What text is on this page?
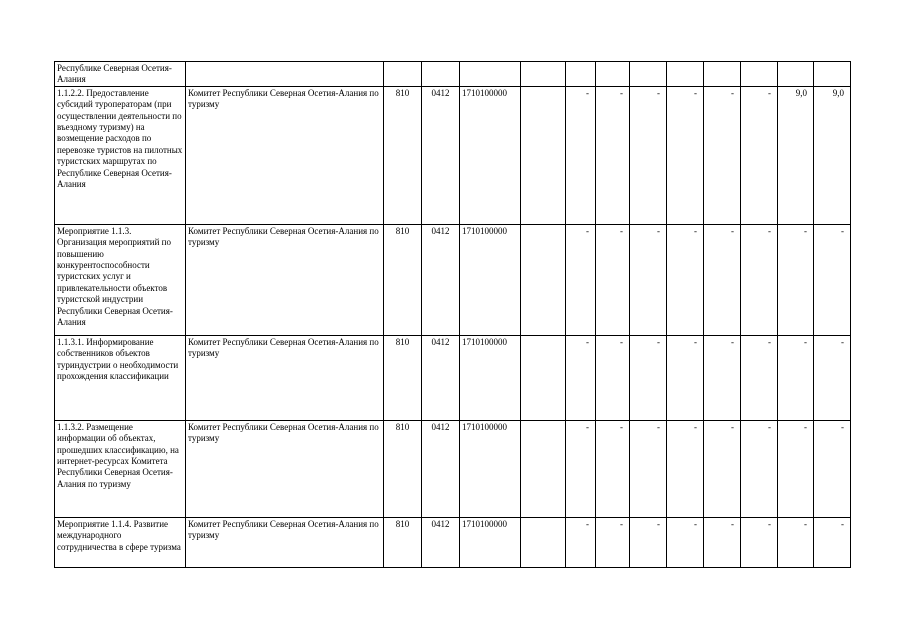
Республике Северная Осетия-Алания													
1.1.2.2. Предоставление субсидий туроператорам (при осуществлении деятельности по въездному туризму) на возмещение расходов по перевозке туристов на пилотных туристских маршрутах по Республике Северная Осетия-Алания	Комитет Республики Северная Осетия-Алания по туризму	810	0412	1710100000		-	-	-	-	-	-	9,0	9,0
Мероприятие 1.1.3. Организация мероприятий по повышению конкурентоспособности туристских услуг и привлекательности объектов туристской индустрии Республики Северная Осетия-Алания	Комитет Республики Северная Осетия-Алания по туризму	810	0412	1710100000		-	-	-	-	-	-	-	-
1.1.3.1. Информирование собственников объектов туриндустрии о необходимости прохождения классификации	Комитет Республики Северная Осетия-Алания по туризму	810	0412	1710100000		-	-	-	-	-	-	-	-
1.1.3.2. Размещение информации об объектах, прошедших классификацию, на интернет-ресурсах Комитета Республики Северная Осетия-Алания по туризму	Комитет Республики Северная Осетия-Алания по туризму	810	0412	1710100000		-	-	-	-	-	-	-	-
Мероприятие 1.1.4. Развитие международного сотрудничества в сфере туризма	Комитет Республики Северная Осетия-Алания по туризму	810	0412	1710100000		-	-	-	-	-	-	-	-
